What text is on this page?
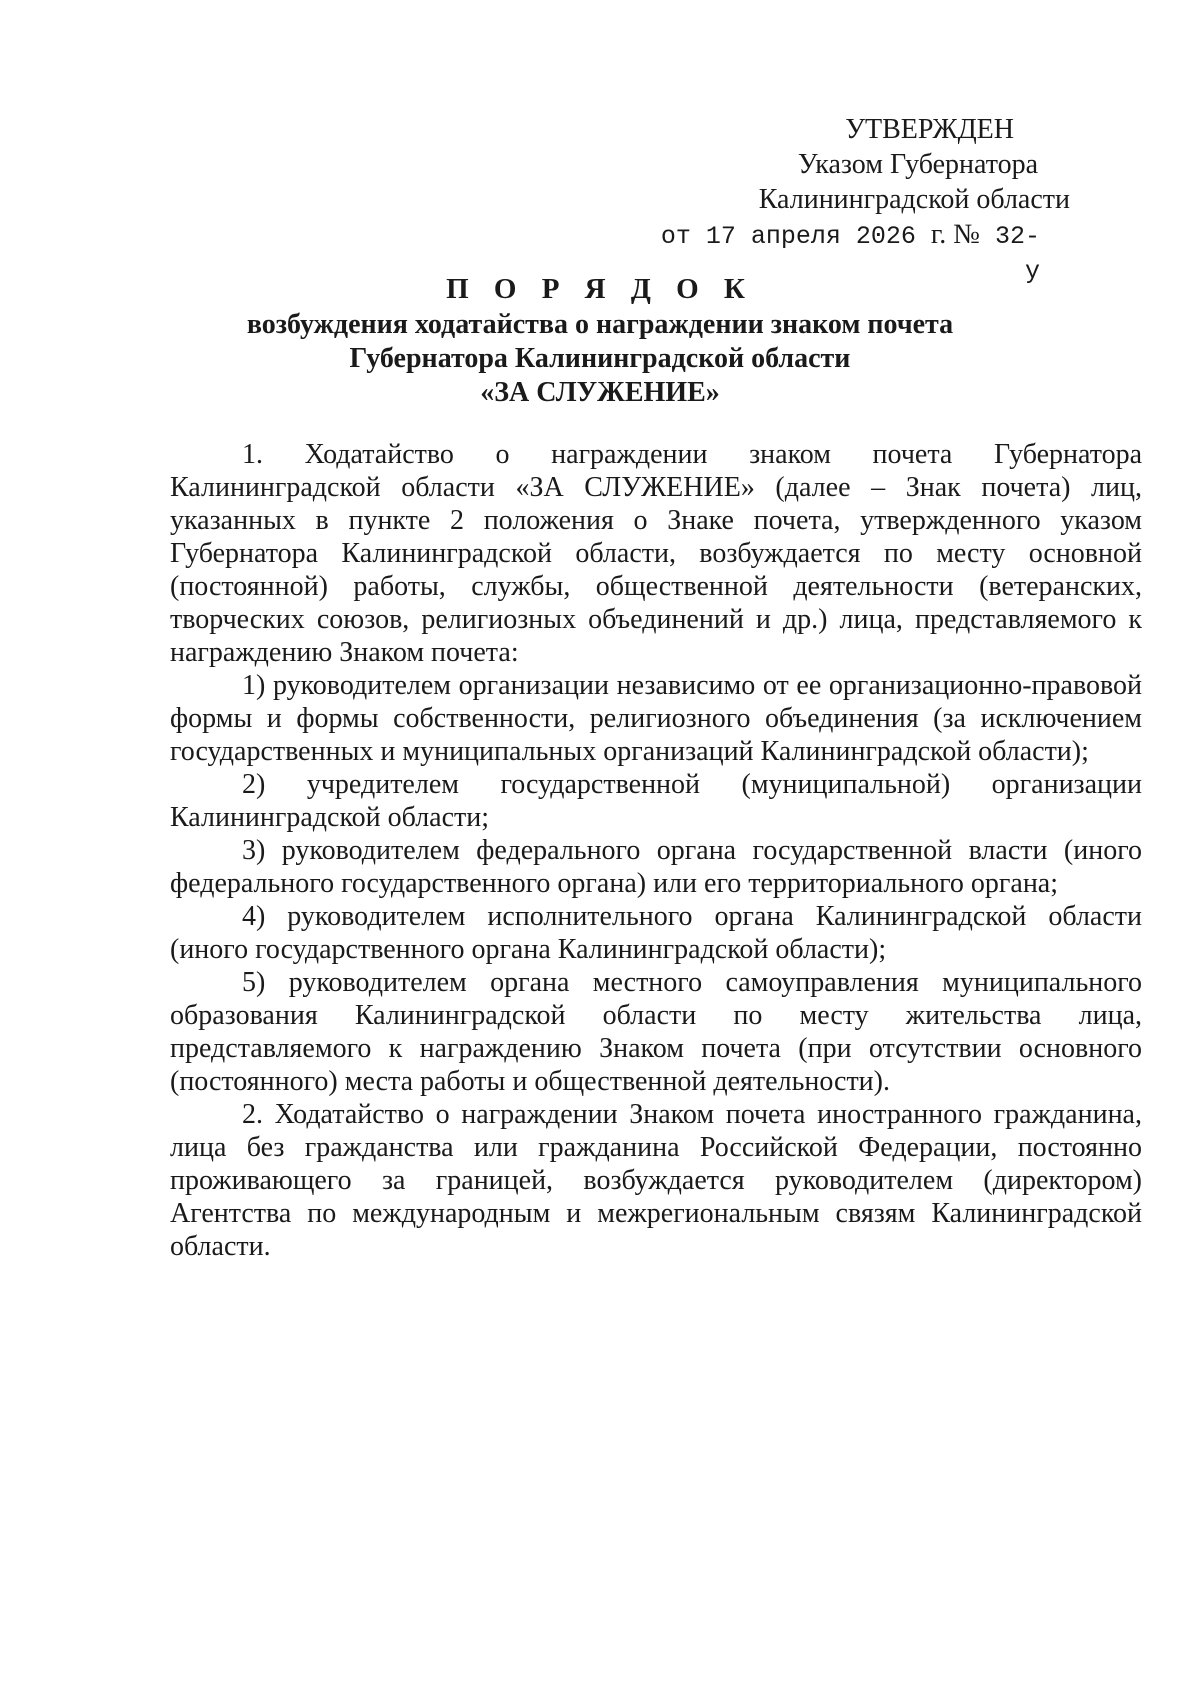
УТВЕРЖДЕН
Указом Губернатора
Калининградской области
от 17 апреля 2026 г. № 32-у
П О Р Я Д О К
возбуждения ходатайства о награждении знаком почета
Губернатора Калининградской области
«ЗА СЛУЖЕНИЕ»

1. Ходатайство о награждении знаком почета Губернатора Калининградской области «ЗА СЛУЖЕНИЕ» (далее – Знак почета) лиц, указанных в пункте 2 положения о Знаке почета, утвержденного указом Губернатора Калининградской области, возбуждается по месту основной (постоянной) работы, службы, общественной деятельности (ветеранских, творческих союзов, религиозных объединений и др.) лица, представляемого к награждению Знаком почета:

1) руководителем организации независимо от ее организационно-правовой формы и формы собственности, религиозного объединения (за исключением государственных и муниципальных организаций Калининградской области);

2) учредителем государственной (муниципальной) организации Калининградской области;

3) руководителем федерального органа государственной власти (иного федерального государственного органа) или его территориального органа;

4) руководителем исполнительного органа Калининградской области (иного государственного органа Калининградской области);

5) руководителем органа местного самоуправления муниципального образования Калининградской области по месту жительства лица, представляемого к награждению Знаком почета (при отсутствии основного (постоянного) места работы и общественной деятельности).

2. Ходатайство о награждении Знаком почета иностранного гражданина, лица без гражданства или гражданина Российской Федерации, постоянно проживающего за границей, возбуждается руководителем (директором) Агентства по международным и межрегиональным связям Калининградской области.
